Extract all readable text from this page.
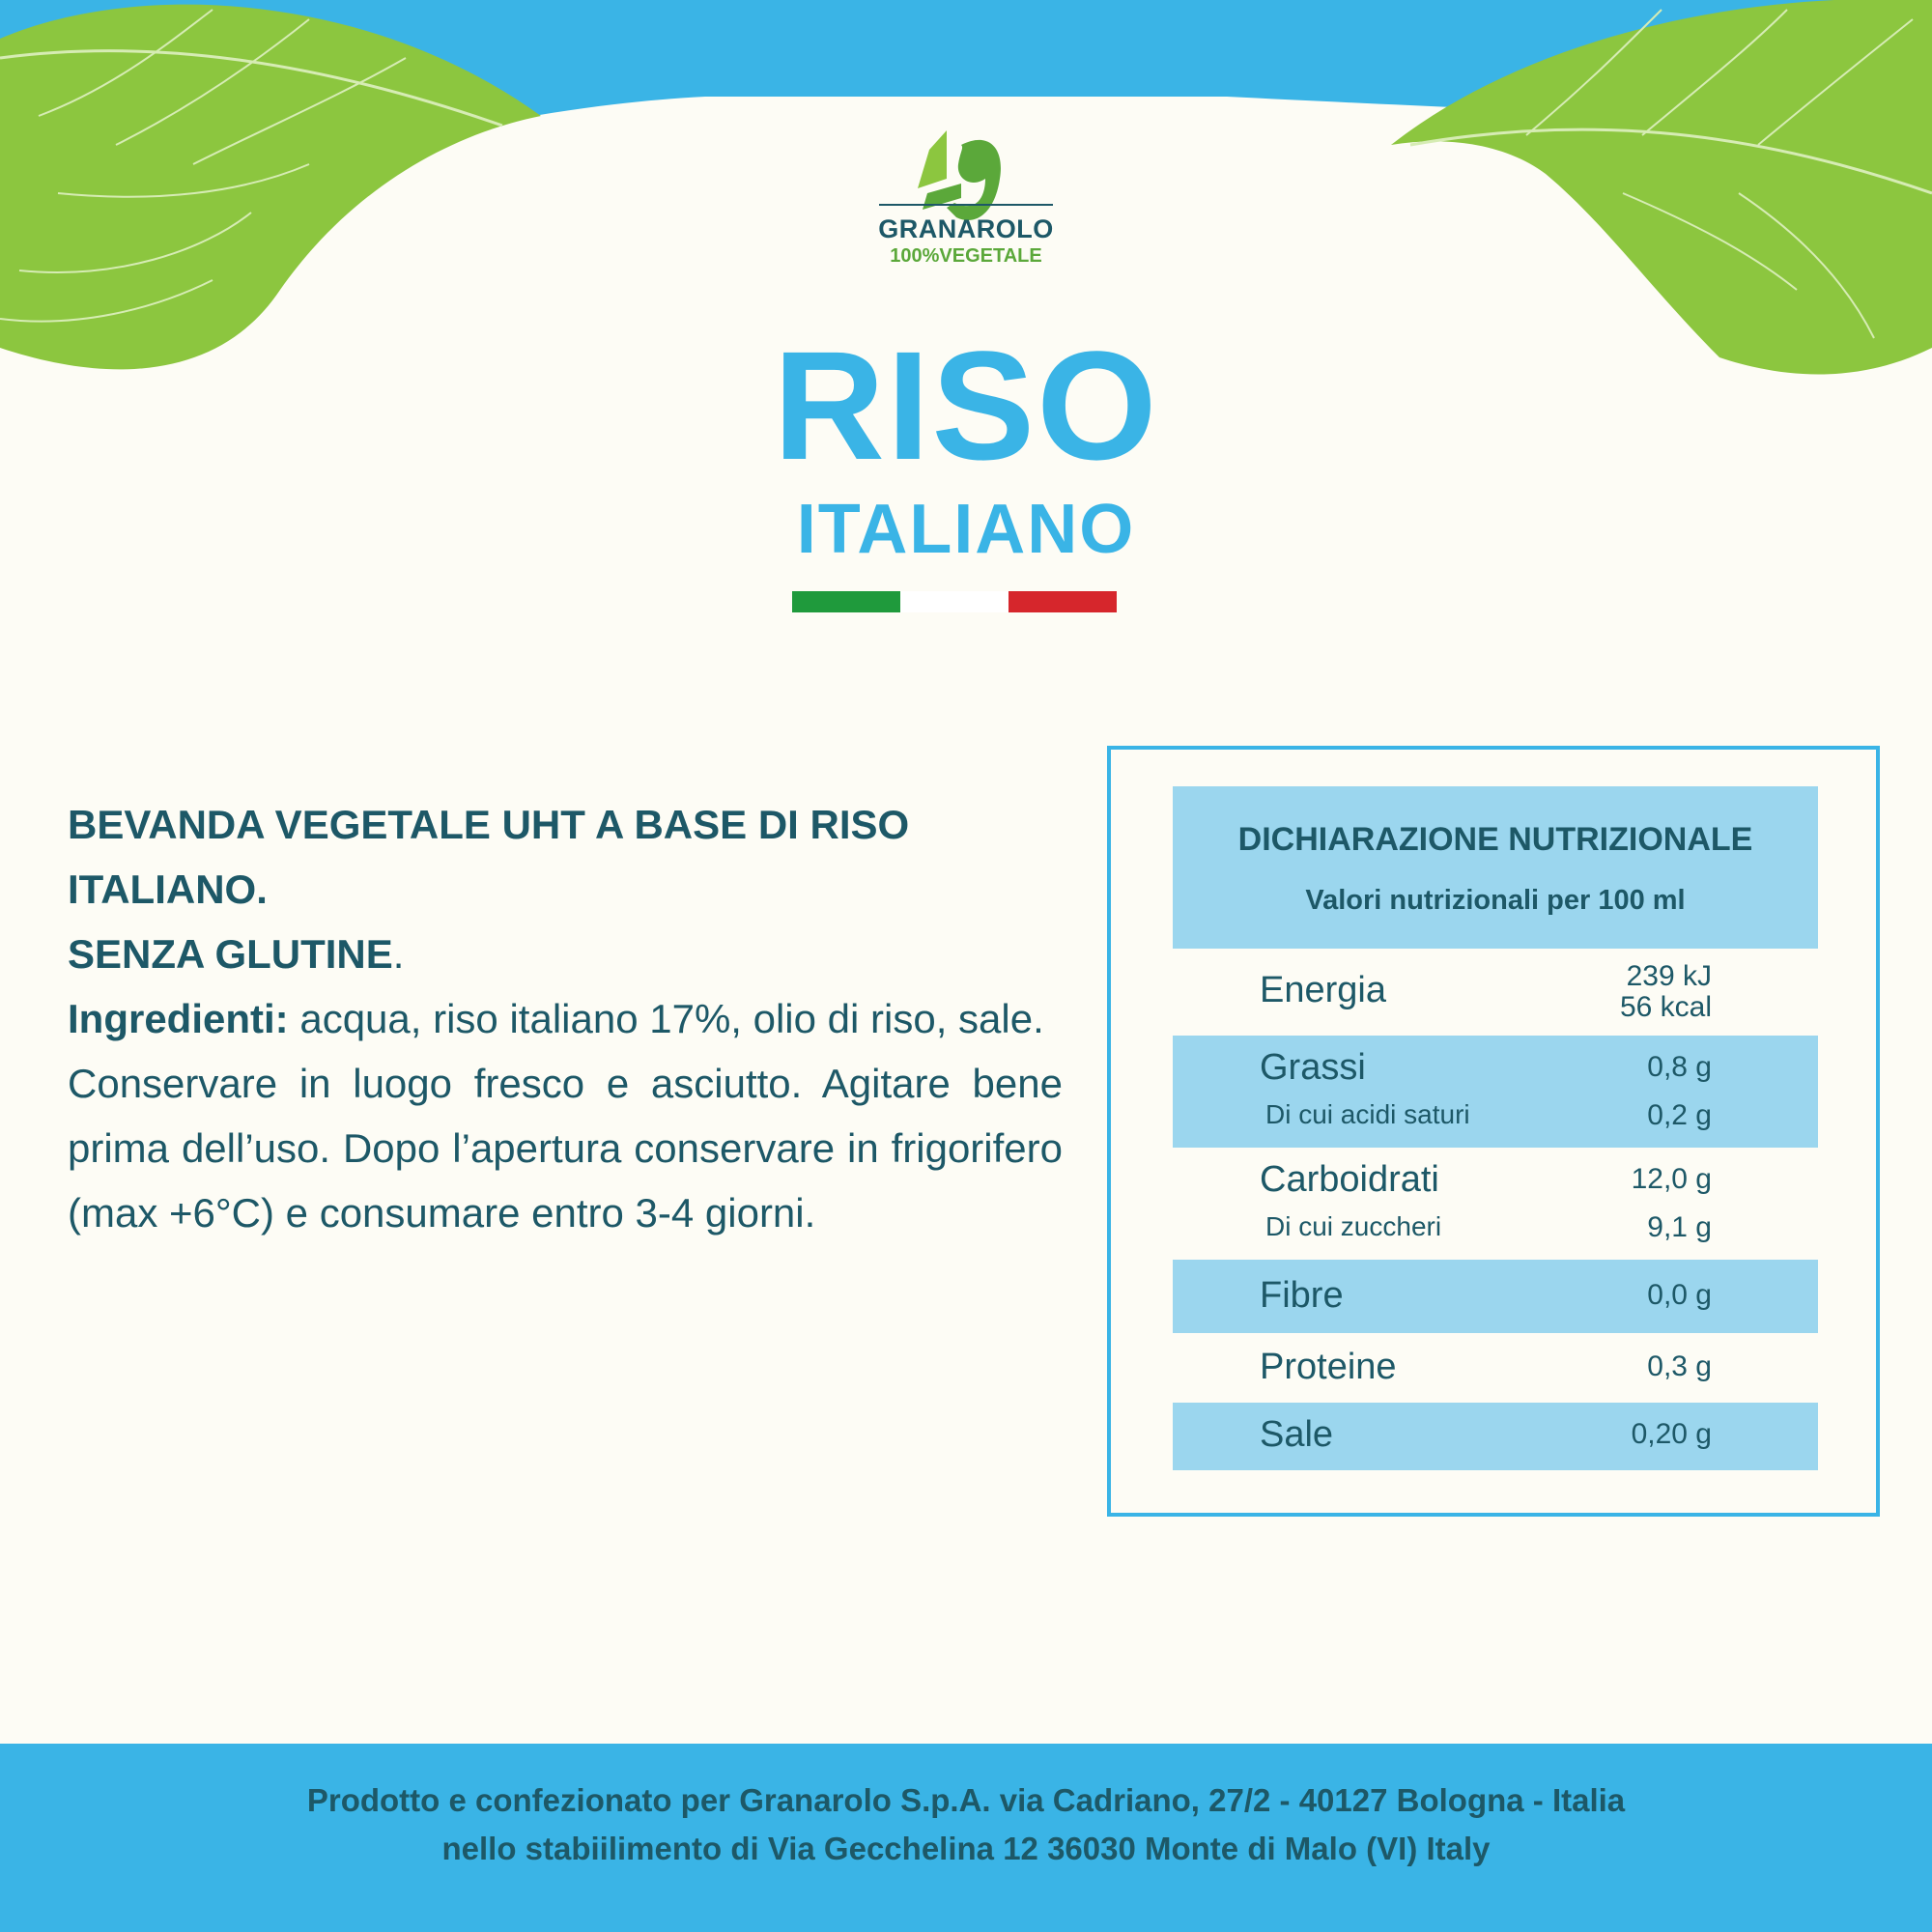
GRANAROLO
100%VEGETALE
RISO
ITALIANO

BEVANDA VEGETALE UHT A BASE DI RISO ITALIANO.

SENZA GLUTINE.

Ingredienti: acqua, riso italiano 17%, olio di riso, sale.

Conservare in luogo fresco e asciutto. Agitare bene prima dell’uso. Dopo l’apertura conservare in frigorifero (max +6°C) e consumare entro 3-4 giorni.

DICHIARAZIONE NUTRIZIONALE
Valori nutrizionali per 100 ml
Energia	239 kJ
56 kcal
Grassi	0,8 g
Di cui acidi saturi	0,2 g
Carboidrati	12,0 g
Di cui zuccheri	9,1 g
Fibre	0,0 g
Proteine	0,3 g
Sale	0,20 g
Prodotto e confezionato per Granarolo S.p.A. via Cadriano, 27/2 - 40127 Bologna - Italia
nello stabiilimento di Via Gecchelina 12 36030 Monte di Malo (VI) Italy
